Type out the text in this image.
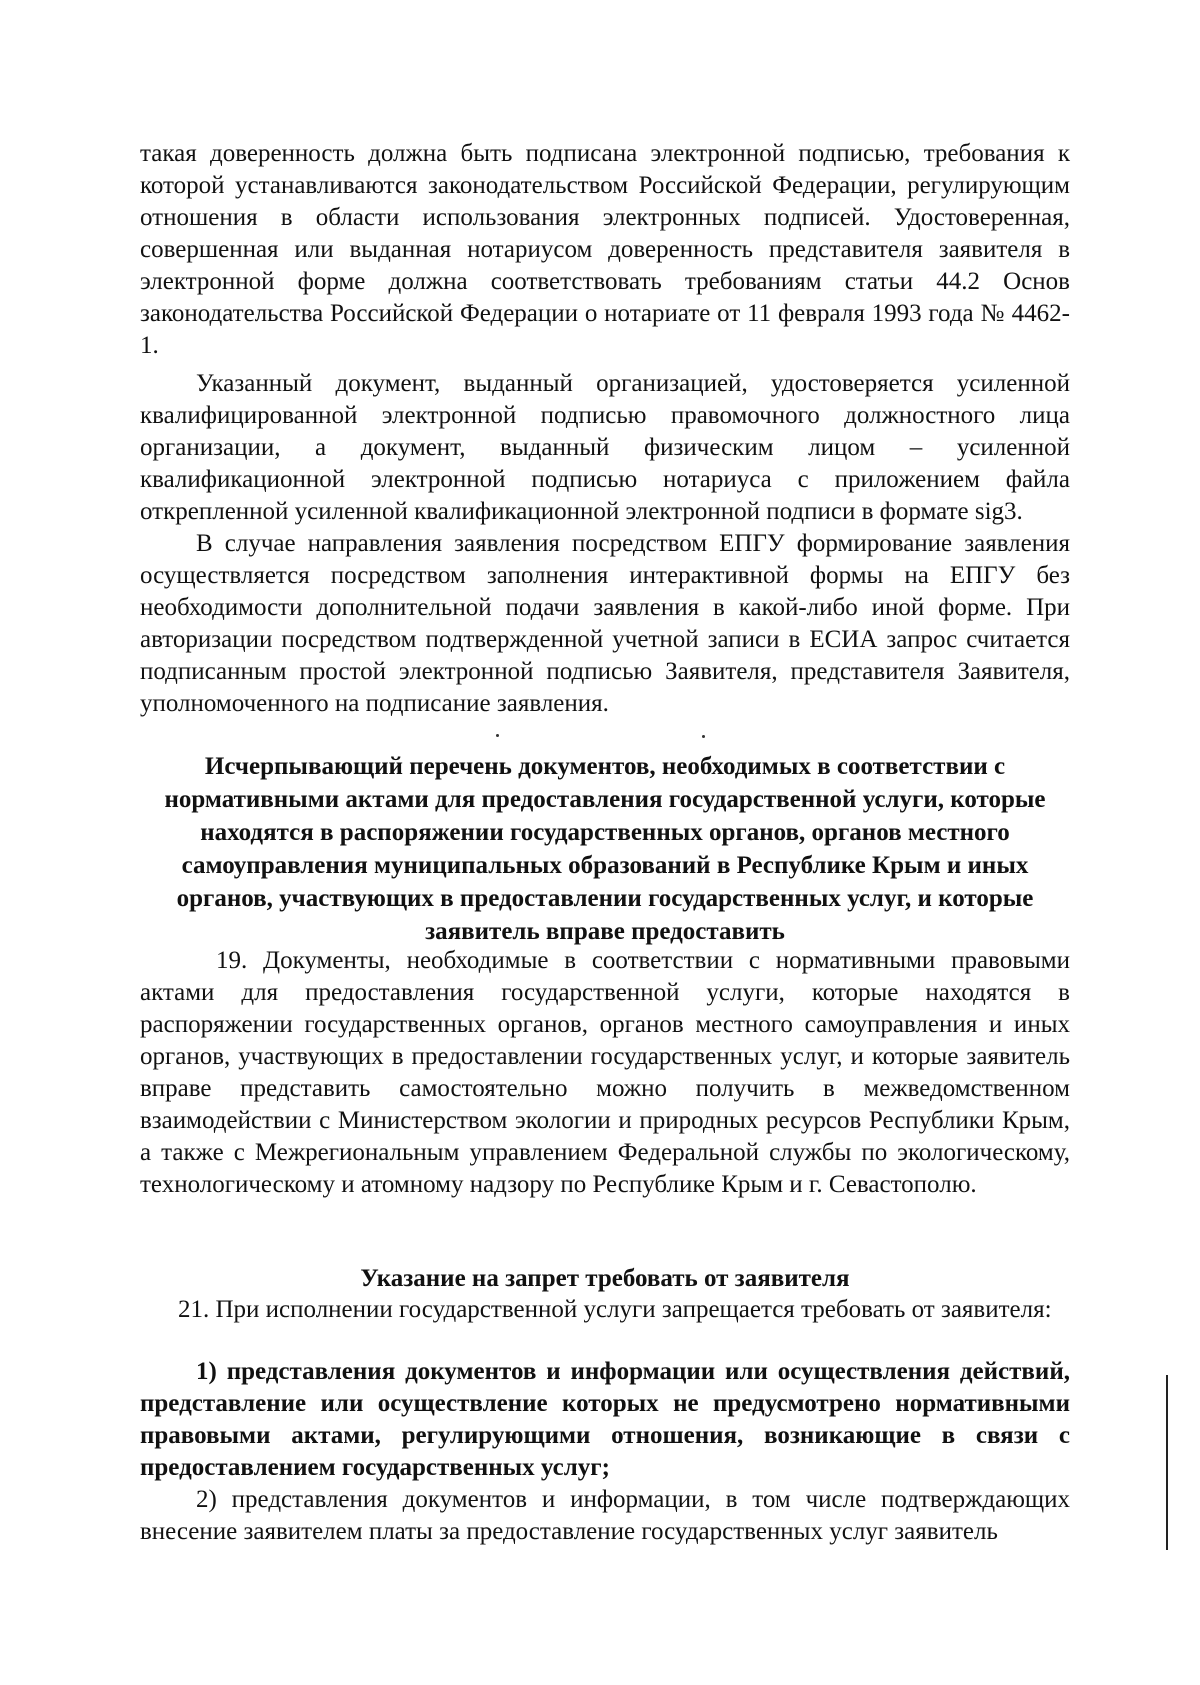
такая доверенность должна быть подписана электронной подписью, требования к которой устанавливаются законодательством Российской Федерации, регулирующим отношения в области использования электронных подписей. Удостоверенная, совершенная или выданная нотариусом доверенность представителя заявителя в электронной форме должна соответствовать требованиям статьи 44.2 Основ законодательства Российской Федерации о нотариате от 11 февраля 1993 года № 4462-1.

Указанный документ, выданный организацией, удостоверяется усиленной квалифицированной электронной подписью правомочного должностного лица организации, а документ, выданный физическим лицом – усиленной квалификационной электронной подписью нотариуса с приложением файла открепленной усиленной квалификационной электронной подписи в формате sig3.

В случае направления заявления посредством ЕПГУ формирование заявления осуществляется посредством заполнения интерактивной формы на ЕПГУ без необходимости дополнительной подачи заявления в какой-либо иной форме. При авторизации посредством подтвержденной учетной записи в ЕСИА запрос считается подписанным простой электронной подписью Заявителя, представителя Заявителя, уполномоченного на подписание заявления.

Исчерпывающий перечень документов, необходимых в соответствии с нормативными актами для предоставления государственной услуги, которые находятся в распоряжении государственных органов, органов местного самоуправления муниципальных образований в Республике Крым и иных органов, участвующих в предоставлении государственных услуг, и которые заявитель вправе предоставить

19. Документы, необходимые в соответствии с нормативными правовыми актами для предоставления государственной услуги, которые находятся в распоряжении государственных органов, органов местного самоуправления и иных органов, участвующих в предоставлении государственных услуг, и которые заявитель вправе представить самостоятельно можно получить в межведомственном взаимодействии с Министерством экологии и природных ресурсов Республики Крым, а также с Межрегиональным управлением Федеральной службы по экологическому, технологическому и атомному надзору по Республике Крым и г. Севастополю.

Указание на запрет требовать от заявителя

21. При исполнении государственной услуги запрещается требовать от заявителя:

1) представления документов и информации или осуществления действий, представление или осуществление которых не предусмотрено нормативными правовыми актами, регулирующими отношения, возникающие в связи с предоставлением государственных услуг;

2) представления документов и информации, в том числе подтверждающих внесение заявителем платы за предоставление государственных услуг заявитель
